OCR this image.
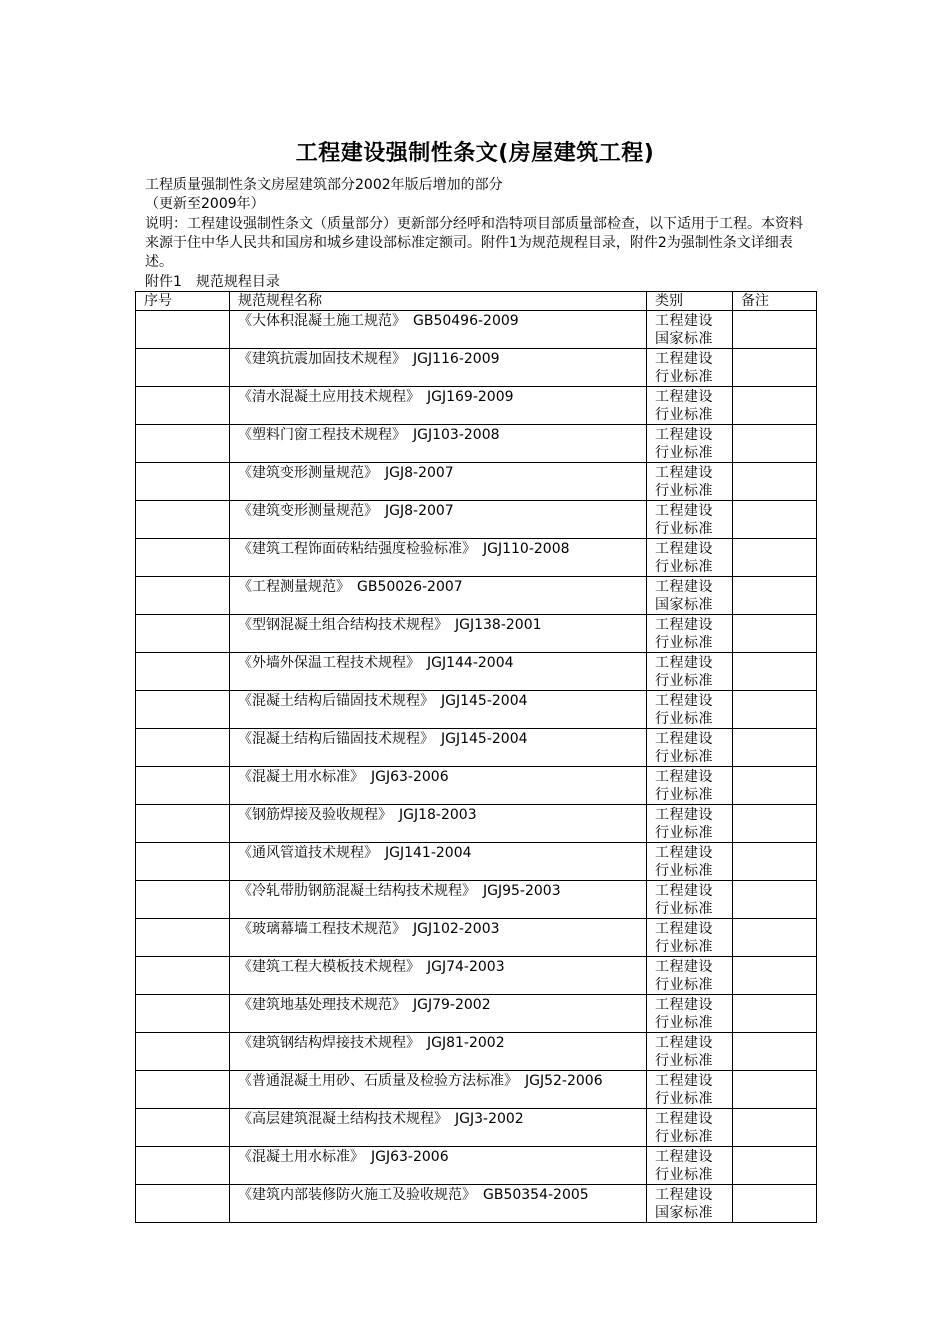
工程建设强制性条文(房屋建筑工程)
工程质量强制性条文房屋建筑部分2002年版后增加的部分
（更新至2009年）
说明：工程建设强制性条文（质量部分）更新部分经呼和浩特项目部质量部检查，以下适用于工程。本资料来源于住中华人民共和国房和城乡建设部标准定额司。附件1为规范规程目录，附件2为强制性条文详细表述。
附件1　规范规程目录
序号	规范规程名称	类别	备注
	《大体积混凝土施工规范》　GB50496-2009	工程建设
国家标准	

	《建筑抗震加固技术规程》　JGJ116-2009	工程建设
行业标准	

	《清水混凝土应用技术规程》　JGJ169-2009	工程建设
行业标准	

	《塑料门窗工程技术规程》　JGJ103-2008	工程建设
行业标准	

	《建筑变形测量规范》　JGJ8-2007	工程建设
行业标准	

	《建筑变形测量规范》　JGJ8-2007	工程建设
行业标准	

	《建筑工程饰面砖粘结强度检验标准》　JGJ110-2008	工程建设
行业标准	

	《工程测量规范》　GB50026-2007	工程建设
国家标准	

	《型钢混凝土组合结构技术规程》　JGJ138-2001	工程建设
行业标准	

	《外墙外保温工程技术规程》　JGJ144-2004	工程建设
行业标准	

	《混凝土结构后锚固技术规程》　JGJ145-2004	工程建设
行业标准	

	《混凝土结构后锚固技术规程》　JGJ145-2004	工程建设
行业标准	

	《混凝土用水标准》　JGJ63-2006	工程建设
行业标准	

	《钢筋焊接及验收规程》　JGJ18-2003	工程建设
行业标准	

	《通风管道技术规程》　JGJ141-2004	工程建设
行业标准	

	《冷轧带肋钢筋混凝土结构技术规程》　JGJ95-2003	工程建设
行业标准	

	《玻璃幕墙工程技术规范》　JGJ102-2003	工程建设
行业标准	

	《建筑工程大模板技术规程》　JGJ74-2003	工程建设
行业标准	

	《建筑地基处理技术规范》　JGJ79-2002	工程建设
行业标准	

	《建筑钢结构焊接技术规程》　JGJ81-2002	工程建设
行业标准	

	《普通混凝土用砂、石质量及检验方法标准》　JGJ52-2006	工程建设
行业标准	

	《高层建筑混凝土结构技术规程》　JGJ3-2002	工程建设
行业标准	

	《混凝土用水标准》　JGJ63-2006	工程建设
行业标准	

	《建筑内部装修防火施工及验收规范》　GB50354-2005	工程建设
国家标准	
